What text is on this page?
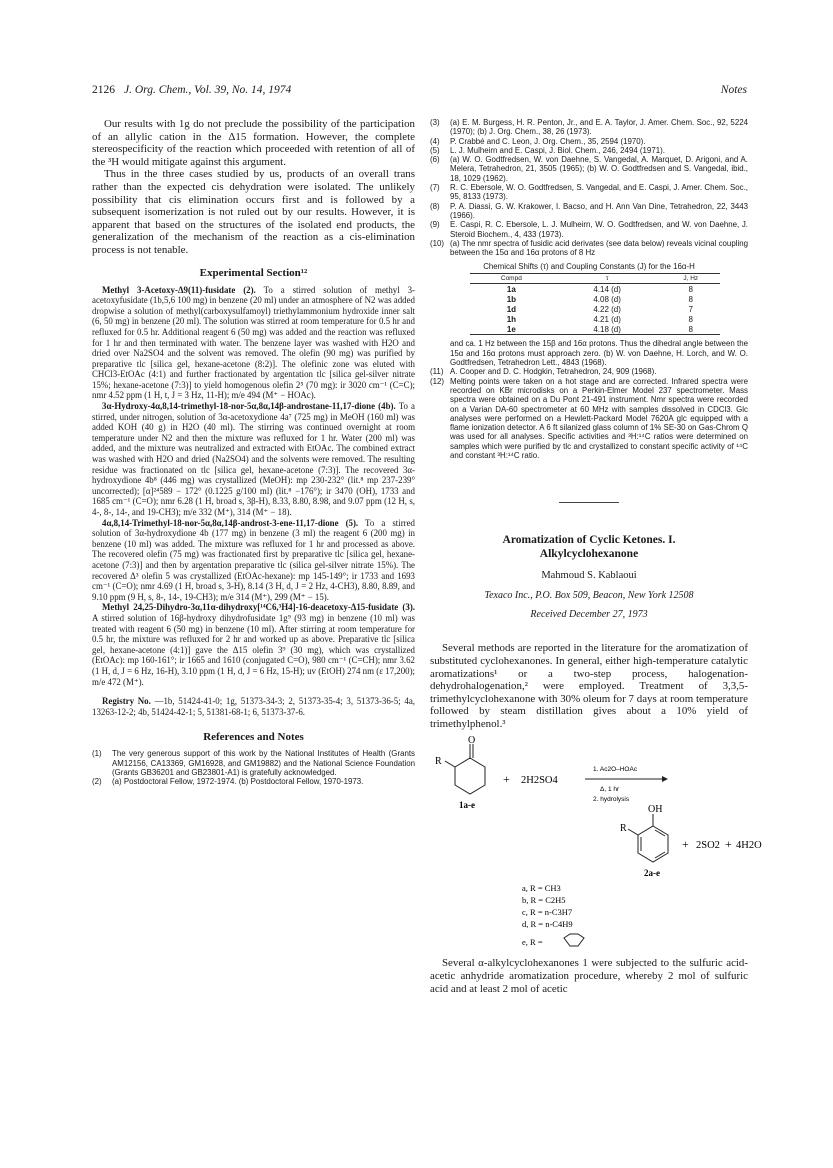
2126 J. Org. Chem., Vol. 39, No. 14, 1974	Notes

Our results with 1g do not preclude the possibility of the participation of an allylic cation in the Δ15 formation. However, the complete stereospecificity of the reaction which proceeded with retention of all of the ³H would mitigate against this argument.

Thus in the three cases studied by us, products of an overall trans rather than the expected cis dehydration were isolated. The unlikely possibility that cis elimination occurs first and is followed by a subsequent isomerization is not ruled out by our results. However, it is apparent that based on the structures of the isolated end products, the generalization of the mechanism of the reaction as a cis-elimination process is not tenable.

Experimental Section¹²

Methyl 3-Acetoxy-Δ9(11)-fusidate (2). To a stirred solution of methyl 3-acetoxyfusidate (1b,5,6 100 mg) in benzene (20 ml) under an atmosphere of N2 was added dropwise a solution of methyl(carboxysulfamoyl) triethylammonium hydroxide inner salt (6, 50 mg) in benzene (20 ml). The solution was stirred at room temperature for 0.5 hr and refluxed for 0.5 hr. Additional reagent 6 (50 mg) was added and the reaction was refluxed for 1 hr and then terminated with water. The benzene layer was washed with H2O and dried over Na2SO4 and the solvent was removed. The olefin (90 mg) was purified by preparative tlc [silica gel, hexane-acetone (8:2)]. The olefinic zone was eluted with CHCl3-EtOAc (4:1) and further fractionated by argentation tlc [silica gel-silver nitrate 15%; hexane-acetone (7:3)] to yield homogenous olefin 2⁵ (70 mg): ir 3020 cm⁻¹ (C=C); nmr 4.52 ppm (1 H, t, J = 3 Hz, 11-H); m/e 494 (M⁺ − HOAc).

3α-Hydroxy-4α,8,14-trimethyl-18-nor-5α,8α,14β-androstane-11,17-dione (4b). To a stirred, under nitrogen, solution of 3α-acetoxydione 4a⁷ (725 mg) in MeOH (160 ml) was added KOH (40 g) in H2O (40 ml). The stirring was continued overnight at room temperature under N2 and then the mixture was refluxed for 1 hr. Water (200 ml) was added, and the mixture was neutralized and extracted with EtOAc. The combined extract was washed with H2O and dried (Na2SO4) and the solvents were removed. The resulting residue was fractionated on tlc [silica gel, hexane-acetone (7:3)]. The recovered 3α-hydroxydione 4b⁸ (446 mg) was crystallized (MeOH): mp 230-232° (lit.⁸ mp 237-239° uncorrected); [α]²⁴589 − 172° (0.1225 g/100 ml) (lit.⁸ −176°); ir 3470 (OH), 1733 and 1685 cm⁻¹ (C=O); nmr 6.28 (1 H, broad s, 3β-H), 8.33, 8.80, 8.98, and 9.07 ppm (12 H, s, 4-, 8-, 14-, and 19-CH3); m/e 332 (M⁺), 314 (M⁺ − 18).

4α,8,14-Trimethyl-18-nor-5α,8α,14β-androst-3-ene-11,17-dione (5). To a stirred solution of 3α-hydroxydione 4b (177 mg) in benzene (3 ml) the reagent 6 (200 mg) in benzene (10 ml) was added. The mixture was refluxed for 1 hr and processed as above. The recovered olefin (75 mg) was fractionated first by preparative tlc [silica gel, hexane-acetone (7:3)] and then by argentation preparative tlc (silica gel-silver nitrate 15%). The recovered Δ³ olefin 5 was crystallized (EtOAc-hexane): mp 145-149°; ir 1733 and 1693 cm⁻¹ (C=O); nmr 4.69 (1 H, broad s, 3-H), 8.14 (3 H, d, J = 2 Hz, 4-CH3), 8.80, 8.89, and 9.10 ppm (9 H, s, 8-, 14-, 19-CH3); m/e 314 (M⁺), 299 (M⁺ − 15).

Methyl 24,25-Dihydro-3α,11α-dihydroxy[¹⁴C6,³H4]-16-deacetoxy-Δ15-fusidate (3). A stirred solution of 16β-hydroxy dihydrofusidate 1g⁹ (93 mg) in benzene (10 ml) was treated with reagent 6 (50 mg) in benzene (10 ml). After stirring at room temperature for 0.5 hr, the mixture was refluxed for 2 hr and worked up as above. Preparative tlc [silica gel, hexane-acetone (4:1)] gave the Δ15 olefin 3⁹ (30 mg), which was crystallized (EtOAc): mp 160-161°; ir 1665 and 1610 (conjugated C=O), 980 cm⁻¹ (C=CH); nmr 3.62 (1 H, d, J = 6 Hz, 16-H), 3.10 ppm (1 H, d, J = 6 Hz, 15-H); uv (EtOH) 274 nm (ε 17,200); m/e 472 (M⁺).

Registry No. —1b, 51424-41-0; 1g, 51373-34-3; 2, 51373-35-4; 3, 51373-36-5; 4a, 13263-12-2; 4b, 51424-42-1; 5, 51381-68-1; 6, 51373-37-6.

References and Notes
(1)	The very generous support of this work by the National Institutes of Health (Grants AM12156, CA13369, GM16928, and GM19882) and the National Science Foundation (Grants GB36201 and GB23801-A1) is gratefully acknowledged.
(2)	(a) Postdoctoral Fellow, 1972-1974. (b) Postdoctoral Fellow, 1970-1973.
(3)	(a) E. M. Burgess, H. R. Penton, Jr., and E. A. Taylor, J. Amer. Chem. Soc., 92, 5224 (1970); (b) J. Org. Chem., 38, 26 (1973).
(4)	P. Crabbé and C. Leon, J. Org. Chem., 35, 2594 (1970).
(5)	L. J. Mulheirn and E. Caspi, J. Biol. Chem., 246, 2494 (1971).
(6)	(a) W. O. Godtfredsen, W. von Daehne, S. Vangedal, A. Marquet, D. Arigoni, and A. Melera, Tetrahedron, 21, 3505 (1965); (b) W. O. Godtfredsen and S. Vangedal, ibid., 18, 1029 (1962).
(7)	R. C. Ebersole, W. O. Godtfredsen, S. Vangedal, and E. Caspi, J. Amer. Chem. Soc., 95, 8133 (1973).
(8)	P. A. Diassi, G. W. Krakower, I. Bacso, and H. Ann Van Dine, Tetrahedron, 22, 3443 (1966).
(9)	E. Caspi, R. C. Ebersole, L. J. Mulheirn, W. O. Godtfredsen, and W. von Daehne, J. Steroid Biochem., 4, 433 (1973).
(10) (a) The nmr spectra of fusidic acid derivates (see data below) reveals vicinal coupling between the 15α and 16α protons of 8 Hz
Chemical Shifts (τ) and Coupling Constants (J) for the 16α-H
Compd	τ	J, Hz
1a	4.14 (d)	8
1b	4.08 (d)	8
1d	4.22 (d)	7
1h	4.21 (d)	8
1e	4.18 (d)	8
and ca. 1 Hz between the 15β and 16α protons. Thus the dihedral angle between the 15α and 16α protons must approach zero. (b) W. von Daehne, H. Lorch, and W. O. Godtfredsen, Tetrahedron Lett., 4843 (1968).
(11) A. Cooper and D. C. Hodgkin, Tetrahedron, 24, 909 (1968).
(12) Melting points were taken on a hot stage and are corrected. Infrared spectra were recorded on KBr microdisks on a Perkin-Elmer Model 237 spectrometer. Mass spectra were obtained on a Du Pont 21-491 instrument. Nmr spectra were recorded on a Varian DA-60 spectrometer at 60 MHz with samples dissolved in CDCl3. Glc analyses were performed on a Hewlett-Packard Model 7620A glc equipped with a flame ionization detector. A 6 ft silanized glass column of 1% SE-30 on Gas-Chrom Q was used for all analyses. Specific activities and ³H:¹⁴C ratios were determined on samples which were purified by tlc and crystallized to constant specific activity of ¹⁴C and constant ³H:¹⁴C ratio.
Aromatization of Cyclic Ketones. I.
Alkylcyclohexanone
Mahmoud S. Kablaoui
Texaco Inc., P.O. Box 509, Beacon, New York 12508
Received December 27, 1973

Several methods are reported in the literature for the aromatization of substituted cyclohexanones. In general, either high-temperature catalytic aromatizations¹ or a two-step process, halogenation-dehydrohalogenation,² were employed. Treatment of 3,3,5-trimethylcyclohexanone with 30% oleum for 7 days at room temperature followed by steam distillation gives about a 10% yield of trimethylphenol.³

O
R
1a-e
+ 2H2SO4
1. Ac2O–HOAc
Δ, 1 hr
2. hydrolysis
OH
R
+ 2SO2 + 4H2O
2a-e
a, R = CH3
b, R = C2H5
c, R = n-C3H7
d, R = n-C4H9
e, R =

Several α-alkylcyclohexanones 1 were subjected to the sulfuric acid-acetic anhydride aromatization procedure, whereby 2 mol of sulfuric acid and at least 2 mol of acetic
